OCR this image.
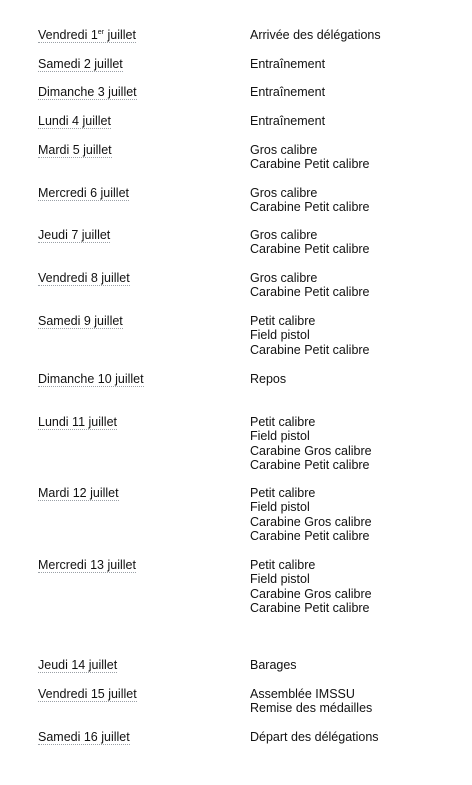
Vendredi 1er juillet	Arrivée des délégations
Samedi 2 juillet	Entraînement
Dimanche 3 juillet	Entraînement
Lundi 4 juillet	Entraînement
Mardi 5 juillet	Gros calibre
Carabine Petit calibre
Mercredi 6 juillet	Gros calibre
Carabine Petit calibre
Jeudi 7 juillet	Gros calibre
Carabine Petit calibre
Vendredi 8 juillet	Gros calibre
Carabine Petit calibre
Samedi 9 juillet	Petit calibre
Field pistol
Carabine Petit calibre
Dimanche 10 juillet	Repos
Lundi 11 juillet	Petit calibre
Field pistol
Carabine Gros calibre
Carabine Petit calibre
Mardi 12 juillet	Petit calibre
Field pistol
Carabine Gros calibre
Carabine Petit calibre
Mercredi 13 juillet	Petit calibre
Field pistol
Carabine Gros calibre
Carabine Petit calibre
Jeudi 14 juillet	Barages
Vendredi 15 juillet	Assemblée IMSSU
Remise des médailles
Samedi 16 juillet	Départ des délégations
